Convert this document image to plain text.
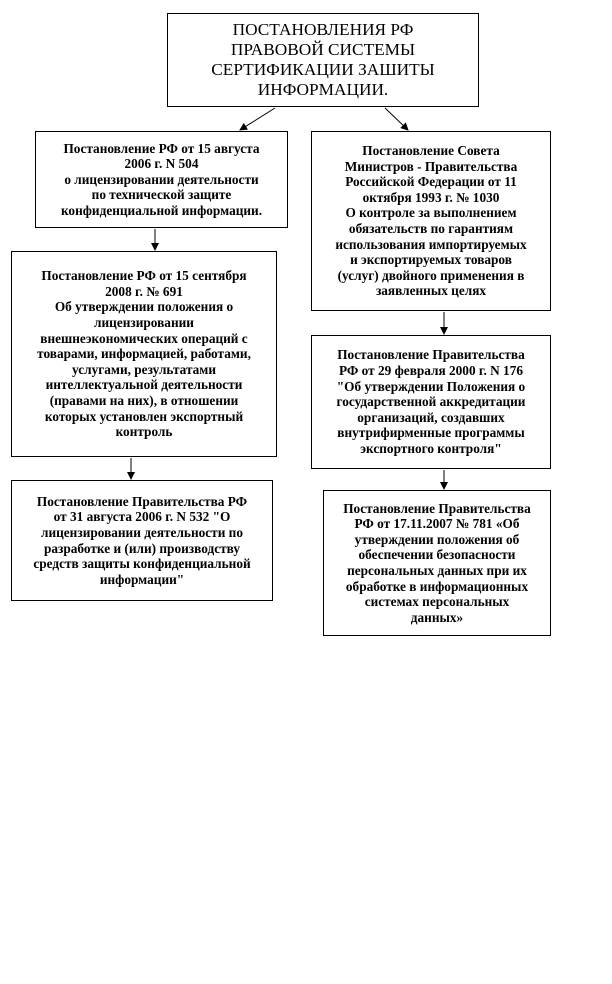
ПОСТАНОВЛЕНИЯ РФ
ПРАВОВОЙ СИСТЕМЫ
СЕРТИФИКАЦИИ ЗАШИТЫ
ИНФОРМАЦИИ.
Постановление РФ от 15 августа
2006 г. N 504
о лицензировании деятельности
по технической защите
конфиденциальной информации.
Постановление РФ от 15 сентября
2008 г. № 691
Об утверждении положения о
лицензировании
внешнеэкономических операций с
товарами, информацией, работами,
услугами, результатами
интеллектуальной деятельности
(правами на них), в отношении
которых установлен экспортный
контроль
Постановление Правительства РФ
от 31 августа 2006 г. N 532 "О
лицензировании деятельности по
разработке и (или) производству
средств защиты конфиденциальной
информации"
Постановление Совета
Министров - Правительства
Российской Федерации от 11
октября 1993 г. № 1030
О контроле за выполнением
обязательств по гарантиям
использования импортируемых
и экспортируемых товаров
(услуг) двойного применения в
заявленных целях
Постановление Правительства
РФ от 29 февраля 2000 г. N 176
"Об утверждении Положения о
государственной аккредитации
организаций, создавших
внутрифирменные программы
экспортного контроля"
Постановление Правительства
РФ от 17.11.2007 № 781 «Об
утверждении положения об
обеспечении безопасности
персональных данных при их
обработке в информационных
системах персональных
данных»
